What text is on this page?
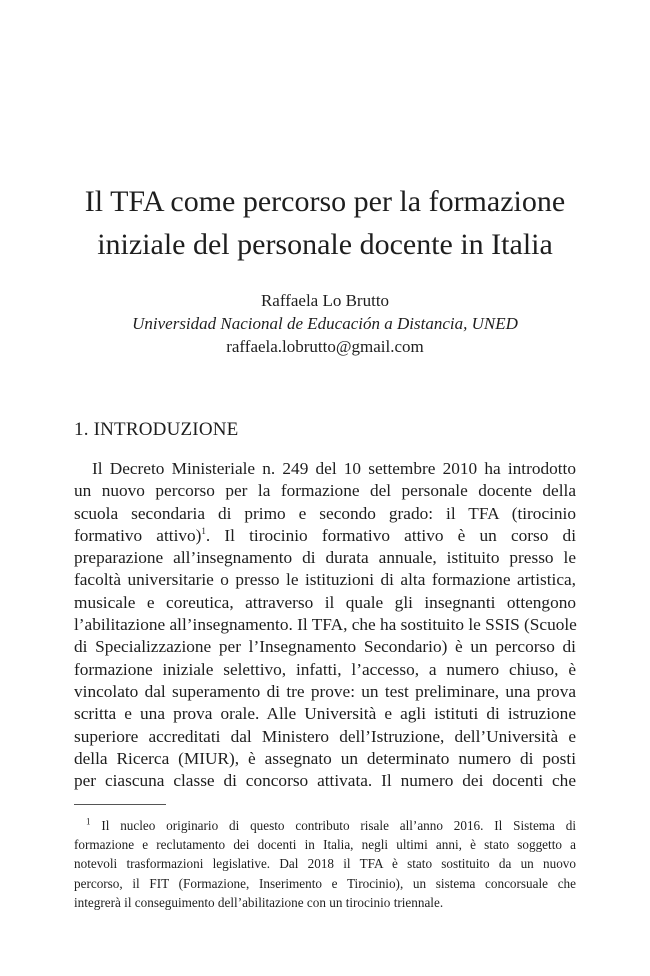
Il TFA come percorso per la formazione
iniziale del personale docente in Italia
Raffaela Lo Brutto
Universidad Nacional de Educación a Distancia, UNED
raffaela.lobrutto@gmail.com
1. INTRODUZIONE
Il Decreto Ministeriale n. 249 del 10 settembre 2010 ha introdotto
un nuovo percorso per la formazione del personale docente della
scuola secondaria di primo e secondo grado: il TFA (tirocinio
formativo attivo)$^1$. Il tirocinio formativo attivo è un corso di
preparazione all’insegnamento di durata annuale, istituito presso le
facoltà universitarie o presso le istituzioni di alta formazione artistica,
musicale e coreutica, attraverso il quale gli insegnanti ottengono
l’abilitazione all’insegnamento. Il TFA, che ha sostituito le SSIS (Scuole
di Specializzazione per l’Insegnamento Secondario) è un percorso di
formazione iniziale selettivo, infatti, l’accesso, a numero chiuso, è
vincolato dal superamento di tre prove: un test preliminare, una prova
scritta e una prova orale. Alle Università e agli istituti di istruzione
superiore accreditati dal Ministero dell’Istruzione, dell’Università e
della Ricerca (MIUR), è assegnato un determinato numero di posti
per ciascuna classe di concorso attivata. Il numero dei docenti che
$^1$ Il nucleo originario di questo contributo risale all’anno 2016. Il Sistema di
formazione e reclutamento dei docenti in Italia, negli ultimi anni, è stato soggetto a
notevoli trasformazioni legislative. Dal 2018 il TFA è stato sostituito da un nuovo
percorso, il FIT (Formazione, Inserimento e Tirocinio), un sistema concorsuale che
integrerà il conseguimento dell’abilitazione con un tirocinio triennale.
